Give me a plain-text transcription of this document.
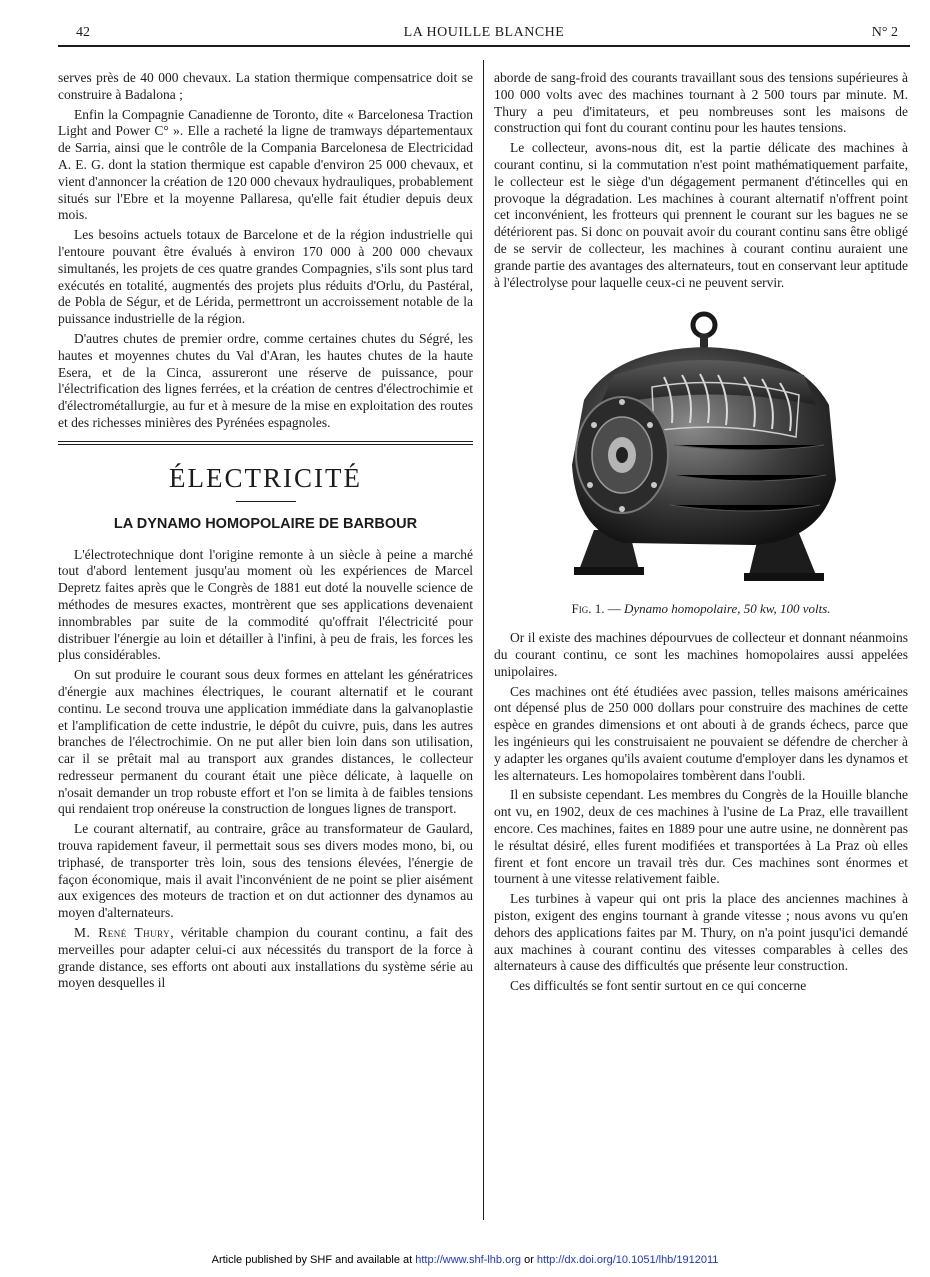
42	LA HOUILLE BLANCHE	N° 2

serves près de 40 000 chevaux. La station thermique compensatrice doit se construire à Badalona ;

Enfin la Compagnie Canadienne de Toronto, dite « Barcelonesa Traction Light and Power C° ». Elle a racheté la ligne de tramways départementaux de Sarria, ainsi que le contrôle de la Compania Barcelonesa de Electricidad A. E. G. dont la station thermique est capable d'environ 25 000 chevaux, et vient d'annoncer la création de 120 000 chevaux hydrauliques, probablement situés sur l'Ebre et la moyenne Pallaresa, qu'elle fait étudier depuis deux mois.

Les besoins actuels totaux de Barcelone et de la région industrielle qui l'entoure pouvant être évalués à environ 170 000 à 200 000 chevaux simultanés, les projets de ces quatre grandes Compagnies, s'ils sont plus tard exécutés en totalité, augmentés des projets plus réduits d'Orlu, du Pastéral, de Pobla de Ségur, et de Lérida, permettront un accroissement notable de la puissance industrielle de la région.

D'autres chutes de premier ordre, comme certaines chutes du Ségré, les hautes et moyennes chutes du Val d'Aran, les hautes chutes de la haute Esera, et de la Cinca, assureront une réserve de puissance, pour l'électrification des lignes ferrées, et la création de centres d'électrochimie et d'électrométallurgie, au fur et à mesure de la mise en exploitation des routes et des richesses minières des Pyrénées espagnoles.

ÉLECTRICITÉ
LA DYNAMO HOMOPOLAIRE DE BARBOUR

L'électrotechnique dont l'origine remonte à un siècle à peine a marché tout d'abord lentement jusqu'au moment où les expériences de Marcel Depretz faites après que le Congrès de 1881 eut doté la nouvelle science de méthodes de mesures exactes, montrèrent que ses applications devenaient innombrables par suite de la commodité qu'offrait l'électricité pour distribuer l'énergie au loin et détailler à l'infini, à peu de frais, les forces les plus considérables.

On sut produire le courant sous deux formes en attelant les génératrices d'énergie aux machines électriques, le courant alternatif et le courant continu. Le second trouva une application immédiate dans la galvanoplastie et l'amplification de cette industrie, le dépôt du cuivre, puis, dans les autres branches de l'électrochimie. On ne put aller bien loin dans son utilisation, car il se prêtait mal au transport aux grandes distances, le collecteur redresseur permanent du courant était une pièce délicate, à laquelle on n'osait demander un trop robuste effort et l'on se limita à de faibles tensions qui rendaient trop onéreuse la construction de longues lignes de transport.

Le courant alternatif, au contraire, grâce au transformateur de Gaulard, trouva rapidement faveur, il permettait sous ses divers modes mono, bi, ou triphasé, de transporter très loin, sous des tensions élevées, l'énergie de façon économique, mais il avait l'inconvénient de ne point se plier aisément aux exigences des moteurs de traction et on dut actionner des dynamos au moyen d'alternateurs.

M. René Thury, véritable champion du courant continu, a fait des merveilles pour adapter celui-ci aux nécessités du transport de la force à grande distance, ses efforts ont abouti aux installations du système série au moyen desquelles il

aborde de sang-froid des courants travaillant sous des tensions supérieures à 100 000 volts avec des machines tournant à 2 500 tours par minute. M. Thury a peu d'imitateurs, et peu nombreuses sont les maisons de construction qui font du courant continu pour les hautes tensions.

Le collecteur, avons-nous dit, est la partie délicate des machines à courant continu, si la commutation n'est point mathématiquement parfaite, le collecteur est le siège d'un dégagement permanent d'étincelles qui en provoque la dégradation. Les machines à courant alternatif n'offrent point cet inconvénient, les frotteurs qui prennent le courant sur les bagues ne se détériorent pas. Si donc on pouvait avoir du courant continu sans être obligé de se servir de collecteur, les machines à courant continu auraient une grande partie des avantages des alternateurs, tout en conservant leur aptitude à l'électrolyse pour laquelle ceux-ci ne peuvent servir.

Fig. 1. — Dynamo homopolaire, 50 kw, 100 volts.

Or il existe des machines dépourvues de collecteur et donnant néanmoins du courant continu, ce sont les machines homopolaires aussi appelées unipolaires.

Ces machines ont été étudiées avec passion, telles maisons américaines ont dépensé plus de 250 000 dollars pour construire des machines de cette espèce en grandes dimensions et ont abouti à de grands échecs, parce que les ingénieurs qui les construisaient ne pouvaient se défendre de chercher à y adapter les organes qu'ils avaient coutume d'employer dans les dynamos et les alternateurs. Les homopolaires tombèrent dans l'oubli.

Il en subsiste cependant. Les membres du Congrès de la Houille blanche ont vu, en 1902, deux de ces machines à l'usine de La Praz, elle travaillent encore. Ces machines, faites en 1889 pour une autre usine, ne donnèrent pas le résultat désiré, elles furent modifiées et transportées à La Praz où elles firent et font encore un travail très dur. Ces machines sont énormes et tournent à une vitesse relativement faible.

Les turbines à vapeur qui ont pris la place des anciennes machines à piston, exigent des engins tournant à grande vitesse ; nous avons vu qu'en dehors des applications faites par M. Thury, on n'a point jusqu'ici demandé aux machines à courant continu des vitesses comparables à celles des alternateurs à cause des difficultés que présente leur construction.

Ces difficultés se font sentir surtout en ce qui concerne

Article published by SHF and available at http://www.shf-lhb.org or http://dx.doi.org/10.1051/lhb/1912011
